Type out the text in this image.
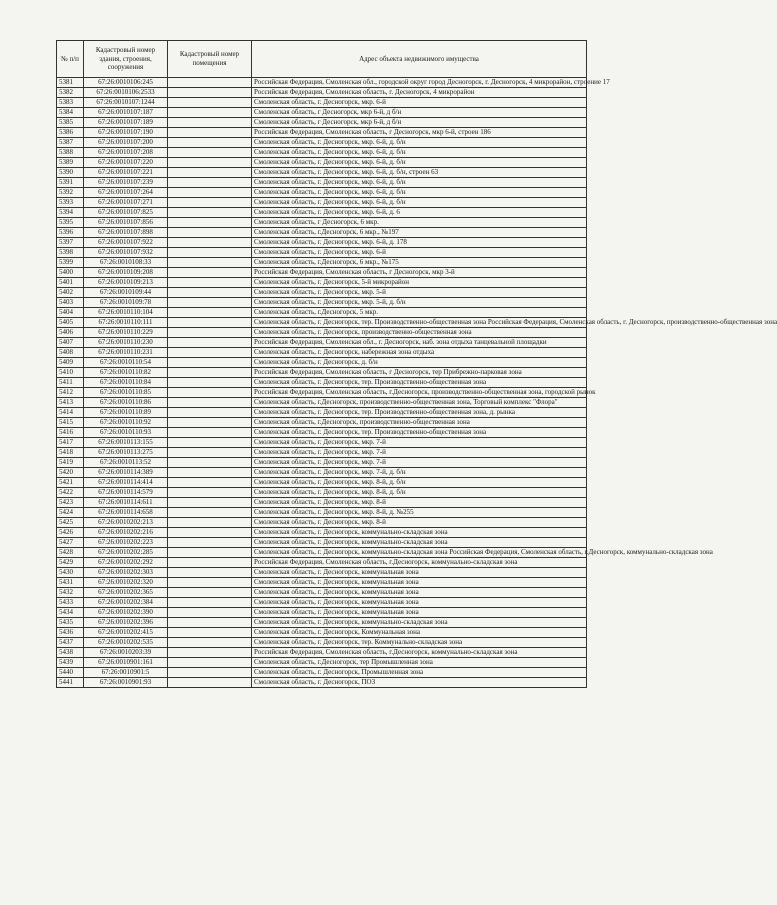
№ п/п	Кадастровый номер здания, строения, сооружения	Кадастровый номер помещения	Адрес объекта недвижимого имущества
5381	67:26:0010106:245		Российская Федерация, Смоленская обл., городской округ город Десногорск, г. Десногорск, 4 микрорайон, строение 17
5382	67:26:0010106:2533		Российская Федерация, Смоленская область, г. Десногорск, 4 микрорайон
5383	67:26:0010107:1244		Смоленская область, г. Десногорск, мкр. 6-й
5384	67:26:0010107:187		Смоленская область, г Десногорск, мкр 6-й, д б/н
5385	67:26:0010107:189		Смоленская область, г Десногорск, мкр 6-й, д б/н
5386	67:26:0010107:190		Российская Федерация, Смоленская область, г Десногорск, мкр 6-й, строен 186
5387	67:26:0010107:200		Смоленская область, г. Десногорск, мкр. 6-й, д. б/н
5388	67:26:0010107:208		Смоленская область, г. Десногорск, мкр. 6-й, д. б/н
5389	67:26:0010107:220		Смоленская область, г. Десногорск, мкр. 6-й, д. б/н
5390	67:26:0010107:221		Смоленская область, г. Десногорск, мкр. 6-й, д. б/н, строен 63
5391	67:26:0010107:239		Смоленская область, г. Десногорск, мкр. 6-й, д. б/н
5392	67:26:0010107:264		Смоленская область, г. Десногорск, мкр. 6-й, д. б/н
5393	67:26:0010107:271		Смоленская область, г. Десногорск, мкр. 6-й, д. б/н
5394	67:26:0010107:825		Смоленская область, г. Десногорск, мкр. 6-й, д. 6
5395	67:26:0010107:856		Смоленская область, г Десногорск, 6 мкр.
5396	67:26:0010107:898		Смоленская область, г.Десногорск, 6 мкр., №197
5397	67:26:0010107:922		Смоленская область, г. Десногорск, мкр. 6-й, д. 178
5398	67:26:0010107:932		Смоленская область, г. Десногорск, мкр. 6-й
5399	67:26:0010108:33		Смоленская область, г.Десногорск, 6 мкр., №175
5400	67:26:0010109:208		Российская Федерация, Смоленская область, г Десногорск, мкр 3-й
5401	67:26:0010109:213		Смоленская область, г. Десногорск, 5-й микрорайон
5402	67:26:0010109:44		Смоленская область, г. Десногорск, мкр. 5-й
5403	67:26:0010109:78		Смоленская область, г. Десногорск, мкр. 5-й, д. б/н
5404	67:26:0010110:104		Смоленская область, г.Десногорск, 5 мкр.
5405	67:26:0010110:111		Смоленская область, г. Десногорск, тер. Производственно-общественная зона Российская Федерация, Смоленская область, г. Десногорск, производственно-общественная зона
5406	67:26:0010110:229		Смоленская область, г. Десногорск, производственно-общественная зона
5407	67:26:0010110:230		Российская Федерация, Смоленская обл., г. Десногорск, наб. зона отдыха танцевальной площадки
5408	67:26:0010110:231		Смоленская область, г. Десногорск, набережная зона отдыха
5409	67:26:0010110:54		Смоленская область, г. Десногорск, д. б/н
5410	67:26:0010110:82		Российская Федерация, Смоленская область, г Десногорск, тер Прибрежно-парковая зона
5411	67:26:0010110:84		Смоленская область, г. Десногорск, тер. Производственно-общественная зона
5412	67:26:0010110:85		Российская Федерация, Смоленская область, г.Десногорск, производственно-общественная зона, городской рынок
5413	67:26:0010110:86		Смоленская область, г.Десногорск, производственно-общественная зона, Торговый комплекс "Флора"
5414	67:26:0010110:89		Смоленская область, г. Десногорск, тер. Производственно-общественная зона, д. рынка
5415	67:26:0010110:92		Смоленская область, г.Десногорск, производственно-общественная зона
5416	67:26:0010110:93		Смоленская область, г. Десногорск, тер. Производственно-общественная зона
5417	67:26:0010113:155		Смоленская область, г. Десногорск, мкр. 7-й
5418	67:26:0010113:275		Смоленская область, г. Десногорск, мкр. 7-й
5419	67:26:0010113:52		Смоленская область, г. Десногорск, мкр. 7-й
5420	67:26:0010114:389		Смоленская область, г. Десногорск, мкр. 7-й, д. б/н
5421	67:26:0010114:414		Смоленская область, г. Десногорск, мкр. 8-й, д. б/н
5422	67:26:0010114:579		Смоленская область, г. Десногорск, мкр. 8-й, д. б/н
5423	67:26:0010114:611		Смоленская область, г. Десногорск, мкр. 8-й
5424	67:26:0010114:658		Смоленская область, г. Десногорск, мкр. 8-й, д. №255
5425	67:26:0010202:213		Смоленская область, г. Десногорск, мкр. 8-й
5426	67:26:0010202:216		Смоленская область, г. Десногорск, коммунально-складская зона
5427	67:26:0010202:223		Смоленская область, г. Десногорск, коммунально-складская зона
5428	67:26:0010202:285		Смоленская область, г. Десногорск, коммунально-складская зона Российская Федерация, Смоленская область, г.Десногорск, коммунально-складская зона
5429	67:26:0010202:292		Российская Федерация, Смоленская область, г.Десногорск, коммунально-складская зона
5430	67:26:0010202:303		Смоленская область, г. Десногорск, коммунальная зона
5431	67:26:0010202:320		Смоленская область, г. Десногорск, коммунальная зона
5432	67:26:0010202:365		Смоленская область, г. Десногорск, коммунальная зона
5433	67:26:0010202:384		Смоленская область, г. Десногорск, коммунальная зона
5434	67:26:0010202:390		Смоленская область, г. Десногорск, коммунальная зона
5435	67:26:0010202:396		Смоленская область, г. Десногорск, коммунально-складская зона
5436	67:26:0010202:415		Смоленская область, г. Десногорск, Коммунальная зона
5437	67:26:0010202:535		Смоленская область, г. Десногорск, тер. Коммунально-складская зона
5438	67:26:0010203:39		Российская Федерация, Смоленская область, г.Десногорск, коммунально-складская зона
5439	67:26:0010901:161		Смоленская область, г.Десногорск, тер Промышленная зона
5440	67:26:0010901:5		Смоленская область, г. Десногорск, Промышленная зона
5441	67:26:0010901:93		Смоленская область, г. Десногорск, ПОЗ
